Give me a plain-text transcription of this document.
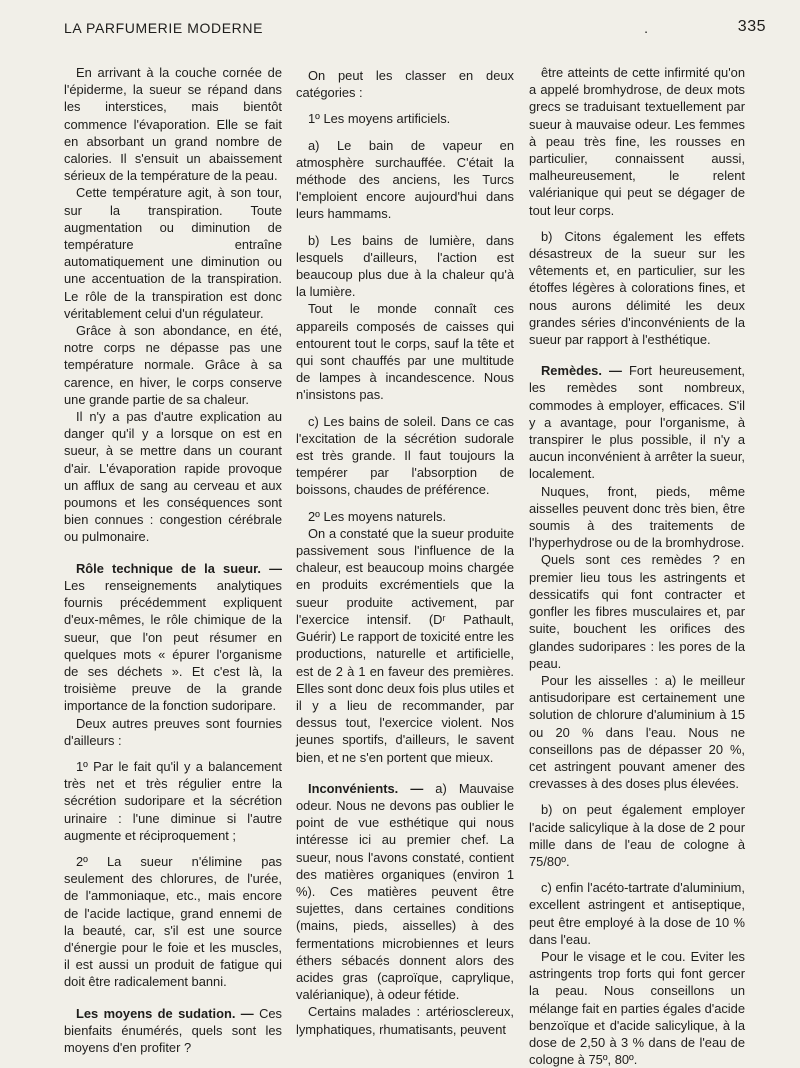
LA PARFUMERIE MODERNE	.	335

En arrivant à la couche cornée de l'épiderme, la sueur se répand dans les interstices, mais bientôt commence l'évaporation. Elle se fait en absorbant un grand nombre de calories. Il s'ensuit un abaissement sérieux de la température de la peau.

Cette température agit, à son tour, sur la transpiration. Toute augmentation ou diminution de température entraîne automatiquement une diminution ou une accentuation de la transpiration. Le rôle de la transpiration est donc véritablement celui d'un régulateur.

Grâce à son abondance, en été, notre corps ne dépasse pas une température normale. Grâce à sa carence, en hiver, le corps conserve une grande partie de sa chaleur.

Il n'y a pas d'autre explication au danger qu'il y a lorsque on est en sueur, à se mettre dans un courant d'air. L'évaporation rapide provoque un afflux de sang au cerveau et aux poumons et les conséquences sont bien connues : congestion cérébrale ou pulmonaire.

Rôle technique de la sueur. — Les renseignements analytiques fournis précédemment expliquent d'eux-mêmes, le rôle chimique de la sueur, que l'on peut résumer en quelques mots « épurer l'organisme de ses déchets ». Et c'est là, la troisième preuve de la grande importance de la fonction sudoripare.

Deux autres preuves sont fournies d'ailleurs :

1º Par le fait qu'il y a balancement très net et très régulier entre la sécrétion sudoripare et la sécrétion urinaire : l'une diminue si l'autre augmente et réciproquement ;

2º La sueur n'élimine pas seulement des chlorures, de l'urée, de l'ammoniaque, etc., mais encore de l'acide lactique, grand ennemi de la beauté, car, s'il est une source d'énergie pour le foie et les muscles, il est aussi un produit de fatigue qui doit être radicalement banni.

Les moyens de sudation. — Ces bienfaits énumérés, quels sont les moyens d'en profiter ?

On peut les classer en deux catégories :

1º Les moyens artificiels.

a) Le bain de vapeur en atmosphère surchauffée. C'était la méthode des anciens, les Turcs l'emploient encore aujourd'hui dans leurs hammams.

b) Les bains de lumière, dans lesquels d'ailleurs, l'action est beaucoup plus due à la chaleur qu'à la lumière.

Tout le monde connaît ces appareils composés de caisses qui entourent tout le corps, sauf la tête et qui sont chauffés par une multitude de lampes à incandescence. Nous n'insistons pas.

c) Les bains de soleil. Dans ce cas l'excitation de la sécrétion sudorale est très grande. Il faut toujours la tempérer par l'absorption de boissons, chaudes de préférence.

2º Les moyens naturels.

On a constaté que la sueur produite passivement sous l'influence de la chaleur, est beaucoup moins chargée en produits excrémentiels que la sueur produite activement, par l'exercice intensif. (Dʳ Pathault, Guérir) Le rapport de toxicité entre les productions, naturelle et artificielle, est de 2 à 1 en faveur des premières. Elles sont donc deux fois plus utiles et il y a lieu de recommander, par dessus tout, l'exercice violent. Nos jeunes sportifs, d'ailleurs, le savent bien, et ne s'en portent que mieux.

Inconvénients. — a) Mauvaise odeur. Nous ne devons pas oublier le point de vue esthétique qui nous intéresse ici au premier chef. La sueur, nous l'avons constaté, contient des matières organiques (environ 1 %). Ces matières peuvent être sujettes, dans certaines conditions (mains, pieds, aisselles) à des fermentations microbiennes et leurs éthers sébacés donnent alors des acides gras (caproïque, caprylique, valérianique), à odeur fétide.

Certains malades : artériosclereux, lymphatiques, rhumatisants, peuvent

être atteints de cette infirmité qu'on a appelé bromhydrose, de deux mots grecs se traduisant textuellement par sueur à mauvaise odeur. Les femmes à peau très fine, les rousses en particulier, connaissent aussi, malheureusement, le relent valérianique qui peut se dégager de tout leur corps.

b) Citons également les effets désastreux de la sueur sur les vêtements et, en particulier, sur les étoffes légères à colorations fines, et nous aurons délimité les deux grandes séries d'inconvénients de la sueur par rapport à l'esthétique.

Remèdes. — Fort heureusement, les remèdes sont nombreux, commodes à employer, efficaces. S'il y a avantage, pour l'organisme, à transpirer le plus possible, il n'y a aucun inconvénient à arrêter la sueur, localement.

Nuques, front, pieds, même aisselles peuvent donc très bien, être soumis à des traitements de l'hyperhydrose ou de la bromhydrose.

Quels sont ces remèdes ? en premier lieu tous les astringents et dessicatifs qui font contracter et gonfler les fibres musculaires et, par suite, bouchent les orifices des glandes sudoripares : les pores de la peau.

Pour les aisselles : a) le meilleur antisudoripare est certainement une solution de chlorure d'aluminium à 15 ou 20 % dans l'eau. Nous ne conseillons pas de dépasser 20 %, cet astringent pouvant amener des crevasses à des doses plus élevées.

b) on peut également employer l'acide salicylique à la dose de 2 pour mille dans de l'eau de cologne à 75/80º.

c) enfin l'acéto-tartrate d'aluminium, excellent astringent et antiseptique, peut être employé à la dose de 10 % dans l'eau.

Pour le visage et le cou. Eviter les astringents trop forts qui font gercer la peau. Nous conseillons un mélange fait en parties égales d'acide benzoïque et d'acide salicylique, à la dose de 2,50 à 3 % dans de l'eau de cologne à 75º, 80º.
